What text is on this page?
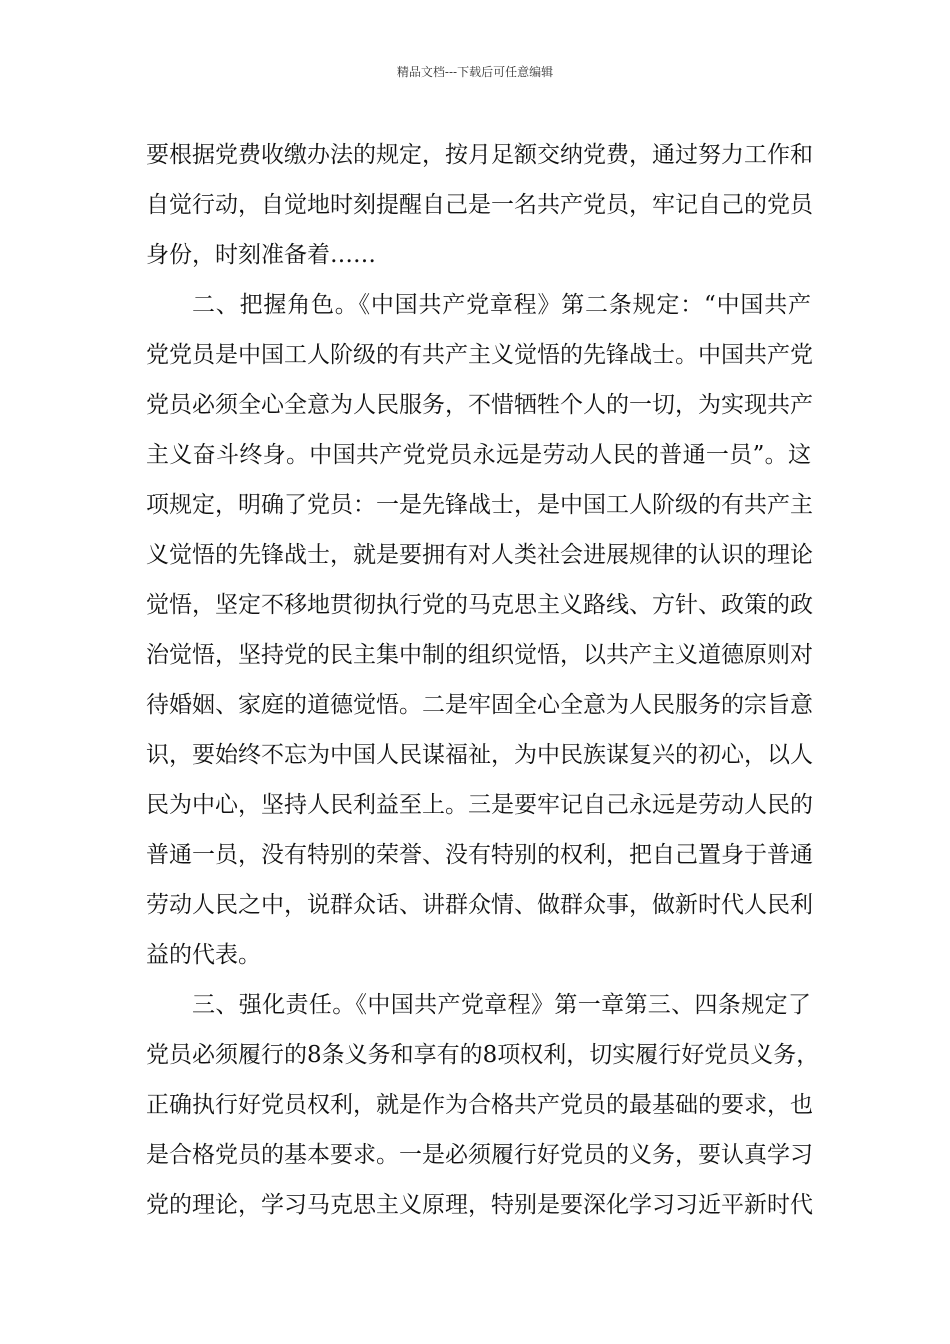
精品文档---下载后可任意编辑
要根据党费收缴办法的规定，按月足额交纳党费，通过努力工作和
自觉行动，自觉地时刻提醒自己是一名共产党员，牢记自己的党员
身份，时刻准备着……
二、把握角色。《中国共产党章程》第二条规定：“中国共产
党党员是中国工人阶级的有共产主义觉悟的先锋战士。中国共产党
党员必须全心全意为人民服务，不惜牺牲个人的一切，为实现共产
主义奋斗终身。中国共产党党员永远是劳动人民的普通一员”。这
项规定，明确了党员：一是先锋战士，是中国工人阶级的有共产主
义觉悟的先锋战士，就是要拥有对人类社会进展规律的认识的理论
觉悟，坚定不移地贯彻执行党的马克思主义路线、方针、政策的政
治觉悟，坚持党的民主集中制的组织觉悟，以共产主义道德原则对
待婚姻、家庭的道德觉悟。二是牢固全心全意为人民服务的宗旨意
识，要始终不忘为中国人民谋福祉，为中民族谋复兴的初心，以人
民为中心，坚持人民利益至上。三是要牢记自己永远是劳动人民的
普通一员，没有特别的荣誉、没有特别的权利，把自己置身于普通
劳动人民之中，说群众话、讲群众情、做群众事，做新时代人民利
益的代表。
三、强化责任。《中国共产党章程》第一章第三、四条规定了
党员必须履行的8条义务和享有的8项权利，切实履行好党员义务，
正确执行好党员权利，就是作为合格共产党员的最基础的要求，也
是合格党员的基本要求。一是必须履行好党员的义务，要认真学习
党的理论，学习马克思主义原理，特别是要深化学习习近平新时代
